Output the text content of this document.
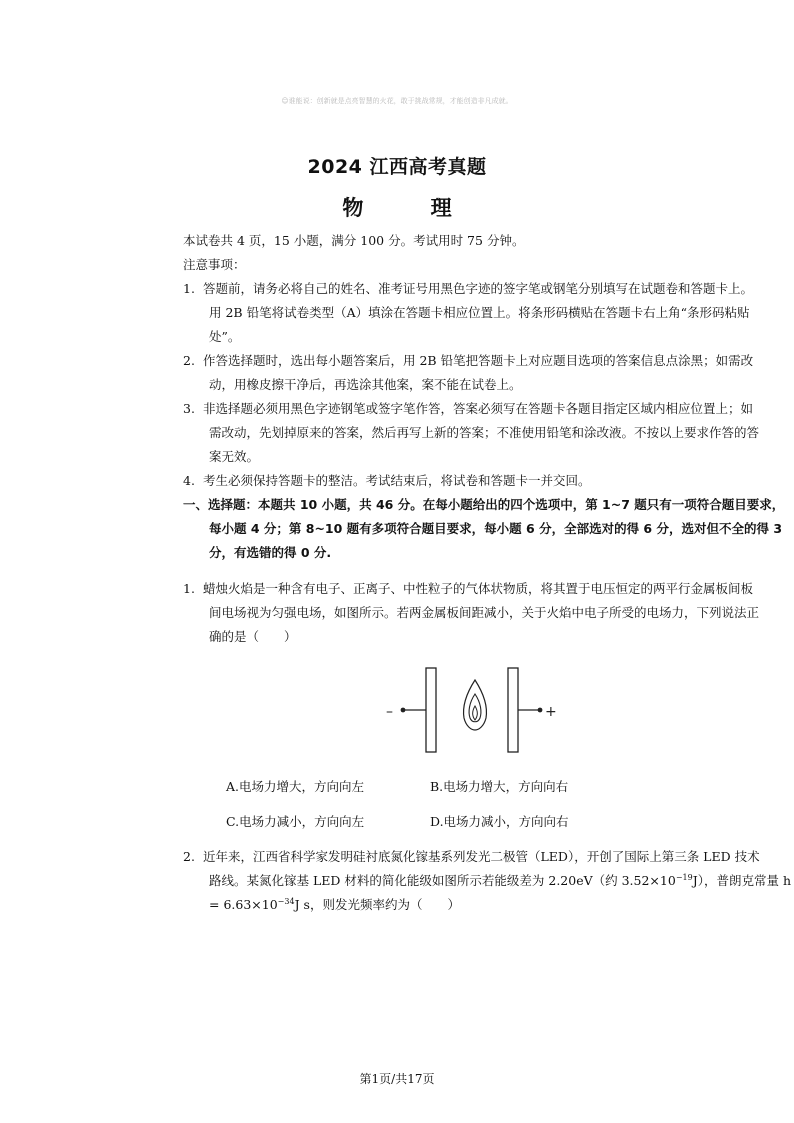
☺谁能说：创新就是点亮智慧的火花，敢于挑战常规，才能创造非凡成就。
2024 江西高考真题
物 理
本试卷共 4 页，15 小题，满分 100 分。考试用时 75 分钟。
注意事项：
1. 答题前，请务必将自己的姓名、准考证号用黑色字迹的签字笔或钢笔分别填写在试题卷和答题卡上。
用 2B 铅笔将试卷类型（A）填涂在答题卡相应位置上。将条形码横贴在答题卡右上角“条形码粘贴
处”。
2. 作答选择题时，选出每小题答案后，用 2B 铅笔把答题卡上对应题目选项的答案信息点涂黑；如需改
动，用橡皮擦干净后，再选涂其他案，案不能在试卷上。
3. 非选择题必须用黑色字迹钢笔或签字笔作答，答案必须写在答题卡各题目指定区域内相应位置上；如
需改动，先划掉原来的答案，然后再写上新的答案；不准使用铅笔和涂改液。不按以上要求作答的答
案无效。
4. 考生必须保持答题卡的整洁。考试结束后，将试卷和答题卡一并交回。
一、选择题：本题共 10 小题，共 46 分。在每小题给出的四个选项中，第 1~7 题只有一项符合题目要求，
每小题 4 分；第 8~10 题有多项符合题目要求，每小题 6 分，全部选对的得 6 分，选对但不全的得 3
分，有选错的得 0 分.
1. 蜡烛火焰是一种含有电子、正离子、中性粒子的气体状物质，将其置于电压恒定的两平行金属板间板
间电场视为匀强电场，如图所示。若两金属板间距减小，关于火焰中电子所受的电场力，下列说法正
确的是（　　）
–	+
A.电场力增大，方向向左	B.电场力增大，方向向右
C.电场力减小，方向向左	D.电场力减小，方向向右
2. 近年来，江西省科学家发明硅衬底氮化镓基系列发光二极管（LED），开创了国际上第三条 LED 技术
路线。某氮化镓基 LED 材料的简化能级如图所示若能级差为 2.20eV（约 $3.52\times 10^{-19}J$），普朗克常量 h
= $6.63\times 10^{-34}J$ s，则发光频率约为（　　）
第1页/共17页
